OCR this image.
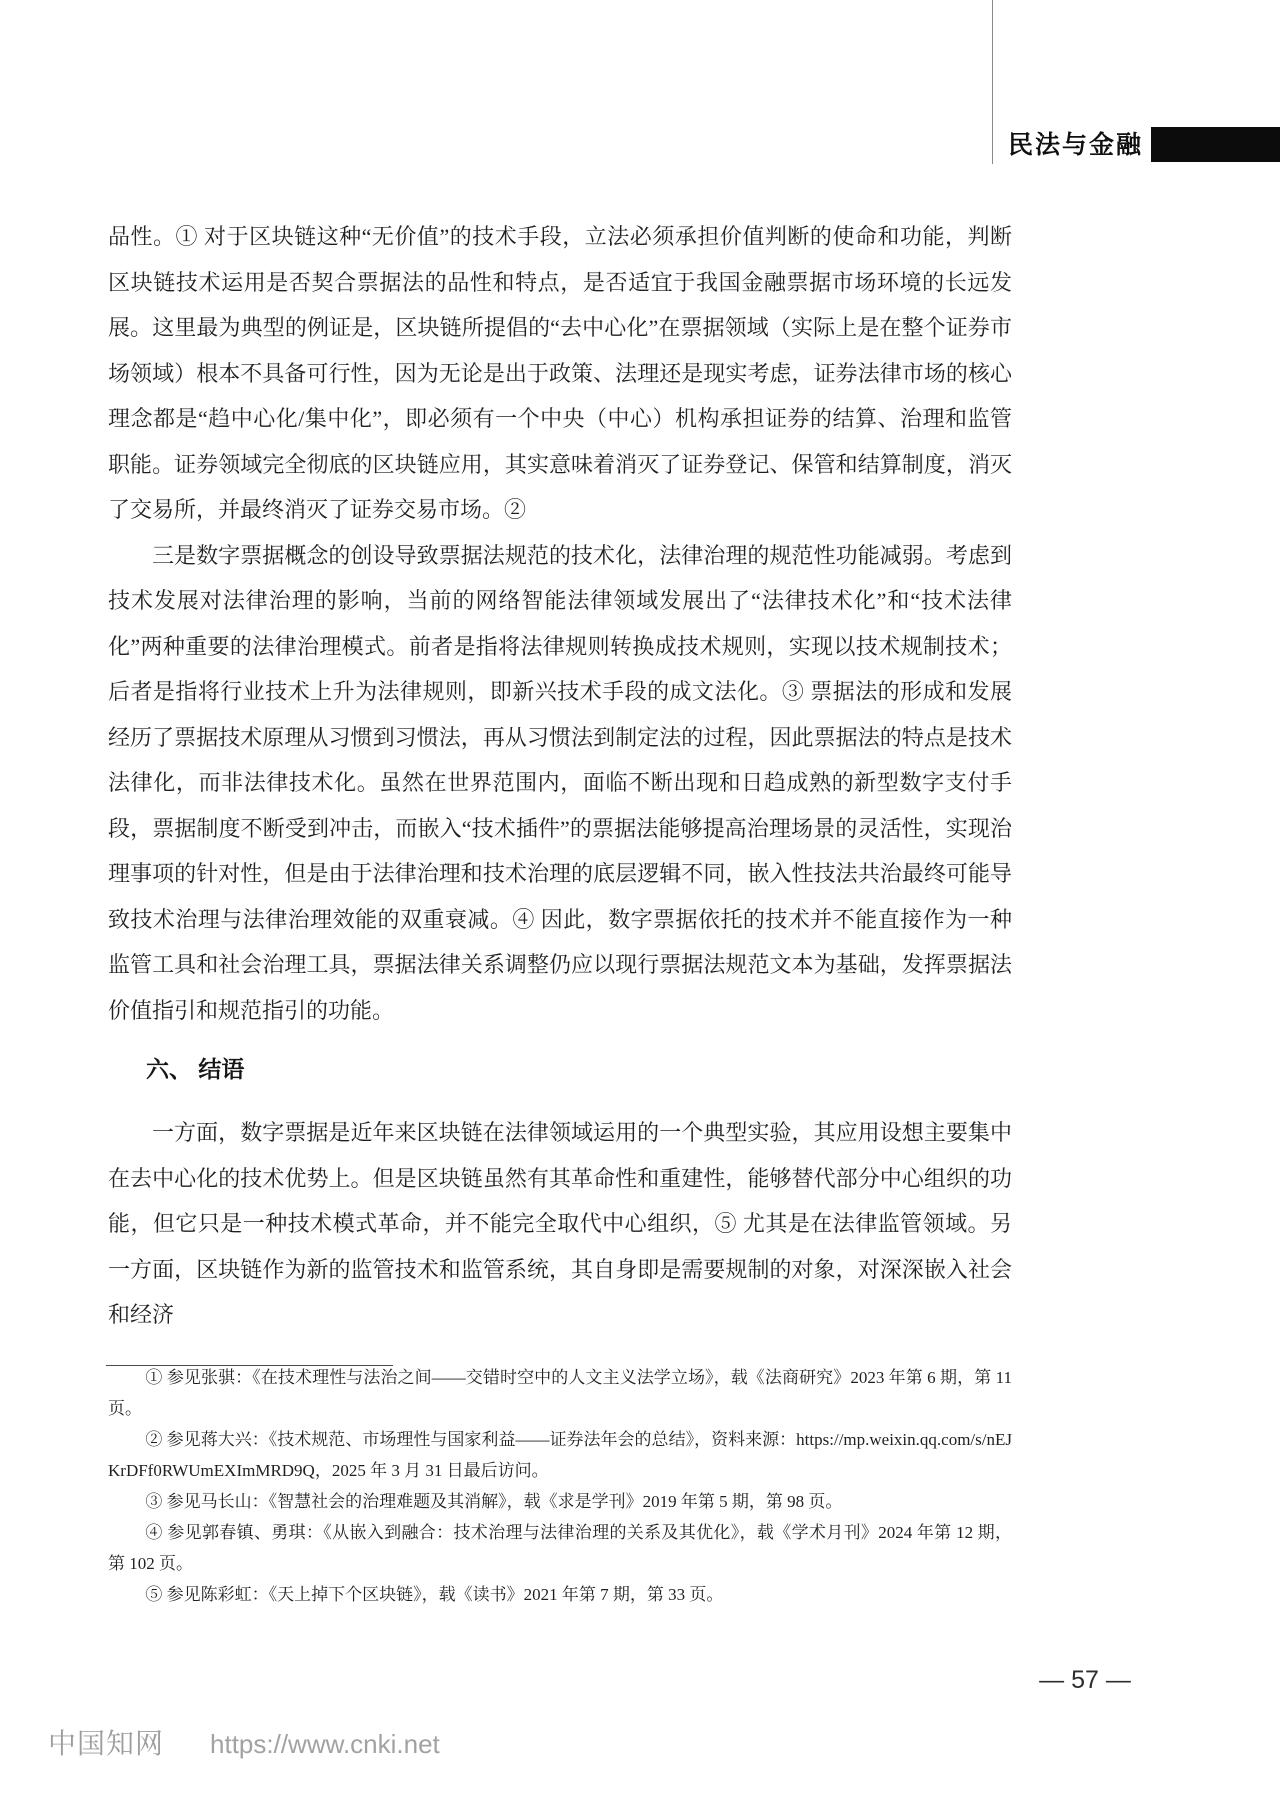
民法与金融

品性。① 对于区块链这种“无价值”的技术手段，立法必须承担价值判断的使命和功能，判断区块链技术运用是否契合票据法的品性和特点，是否适宜于我国金融票据市场环境的长远发展。这里最为典型的例证是，区块链所提倡的“去中心化”在票据领域（实际上是在整个证券市场领域）根本不具备可行性，因为无论是出于政策、法理还是现实考虑，证券法律市场的核心理念都是“趋中心化/集中化”，即必须有一个中央（中心）机构承担证券的结算、治理和监管职能。证券领域完全彻底的区块链应用，其实意味着消灭了证券登记、保管和结算制度，消灭了交易所，并最终消灭了证券交易市场。②

三是数字票据概念的创设导致票据法规范的技术化，法律治理的规范性功能减弱。考虑到技术发展对法律治理的影响，当前的网络智能法律领域发展出了“法律技术化”和“技术法律化”两种重要的法律治理模式。前者是指将法律规则转换成技术规则，实现以技术规制技术；后者是指将行业技术上升为法律规则，即新兴技术手段的成文法化。③ 票据法的形成和发展经历了票据技术原理从习惯到习惯法，再从习惯法到制定法的过程，因此票据法的特点是技术法律化，而非法律技术化。虽然在世界范围内，面临不断出现和日趋成熟的新型数字支付手段，票据制度不断受到冲击，而嵌入“技术插件”的票据法能够提高治理场景的灵活性，实现治理事项的针对性，但是由于法律治理和技术治理的底层逻辑不同，嵌入性技法共治最终可能导致技术治理与法律治理效能的双重衰减。④ 因此，数字票据依托的技术并不能直接作为一种监管工具和社会治理工具，票据法律关系调整仍应以现行票据法规范文本为基础，发挥票据法价值指引和规范指引的功能。

六、 结语

一方面，数字票据是近年来区块链在法律领域运用的一个典型实验，其应用设想主要集中在去中心化的技术优势上。但是区块链虽然有其革命性和重建性，能够替代部分中心组织的功能，但它只是一种技术模式革命，并不能完全取代中心组织，⑤ 尤其是在法律监管领域。另一方面，区块链作为新的监管技术和监管系统，其自身即是需要规制的对象，对深深嵌入社会和经济

① 参见张骐：《在技术理性与法治之间——交错时空中的人文主义法学立场》，载《法商研究》2023 年第 6 期，第 11 页。

② 参见蒋大兴：《技术规范、市场理性与国家利益——证券法年会的总结》，资料来源：https://mp.weixin.qq.com/s/nEJKrDFf0RWUmEXImMRD9Q，2025 年 3 月 31 日最后访问。

③ 参见马长山：《智慧社会的治理难题及其消解》，载《求是学刊》2019 年第 5 期，第 98 页。

④ 参见郭春镇、勇琪：《从嵌入到融合：技术治理与法律治理的关系及其优化》，载《学术月刊》2024 年第 12 期，第 102 页。

⑤ 参见陈彩虹：《天上掉下个区块链》，载《读书》2021 年第 7 期，第 33 页。

— 57 —
中国知网 https://www.cnki.net
